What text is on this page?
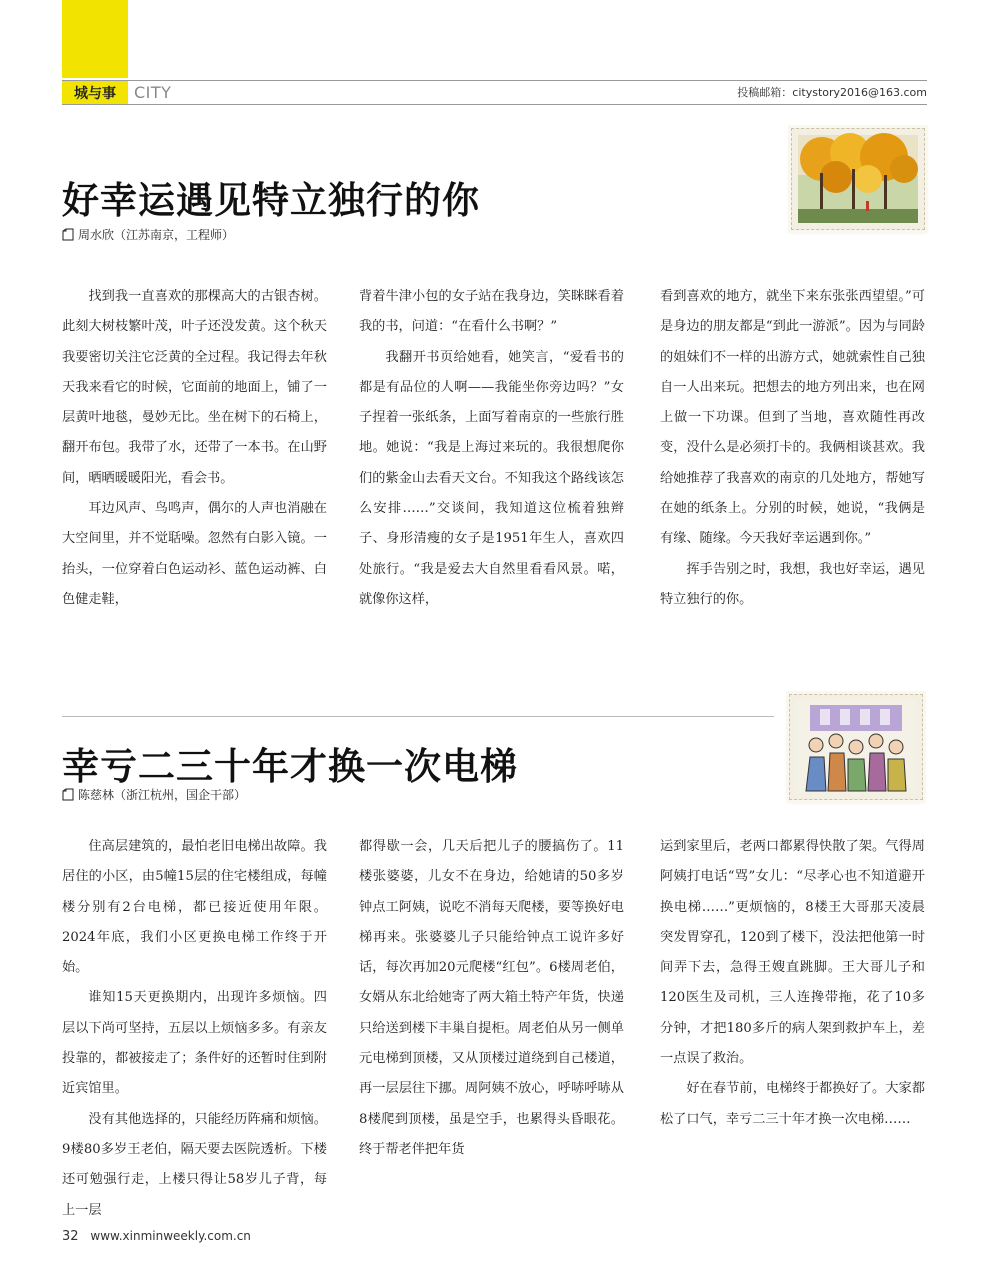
城与事	CITY	投稿邮箱：citystory2016@163.com
好幸运遇见特立独行的你
周水欣（江苏南京，工程师）

找到我一直喜欢的那棵高大的古银杏树。此刻大树枝繁叶茂，叶子还没发黄。这个秋天我要密切关注它泛黄的全过程。我记得去年秋天我来看它的时候，它面前的地面上，铺了一层黄叶地毯，曼妙无比。坐在树下的石椅上，翻开布包。我带了水，还带了一本书。在山野间，晒晒暖暖阳光，看会书。

耳边风声、鸟鸣声，偶尔的人声也消融在大空间里，并不觉聒噪。忽然有白影入镜。一抬头，一位穿着白色运动衫、蓝色运动裤、白色健走鞋，

背着牛津小包的女子站在我身边，笑眯眯看着我的书，问道：“在看什么书啊？”

我翻开书页给她看，她笑言，“爱看书的都是有品位的人啊——我能坐你旁边吗？”女子捏着一张纸条，上面写着南京的一些旅行胜地。她说：“我是上海过来玩的。我很想爬你们的紫金山去看天文台。不知我这个路线该怎么安排……”交谈间，我知道这位梳着独辫子、身形清瘦的女子是1951年生人，喜欢四处旅行。“我是爱去大自然里看看风景。喏，就像你这样，

看到喜欢的地方，就坐下来东张张西望望。”可是身边的朋友都是“到此一游派”。因为与同龄的姐妹们不一样的出游方式，她就索性自己独自一人出来玩。把想去的地方列出来，也在网上做一下功课。但到了当地，喜欢随性再改变，没什么是必须打卡的。我俩相谈甚欢。我给她推荐了我喜欢的南京的几处地方，帮她写在她的纸条上。分别的时候，她说，“我俩是有缘、随缘。今天我好幸运遇到你。”

挥手告别之时，我想，我也好幸运，遇见特立独行的你。

幸亏二三十年才换一次电梯
陈慈林（浙江杭州，国企干部）

住高层建筑的，最怕老旧电梯出故障。我居住的小区，由5幢15层的住宅楼组成，每幢楼分别有2台电梯，都已接近使用年限。2024年底，我们小区更换电梯工作终于开始。

谁知15天更换期内，出现许多烦恼。四层以下尚可坚持，五层以上烦恼多多。有亲友投靠的，都被接走了；条件好的还暂时住到附近宾馆里。

没有其他选择的，只能经历阵痛和烦恼。9楼80多岁王老伯，隔天要去医院透析。下楼还可勉强行走，上楼只得让58岁儿子背，每上一层

都得歇一会，几天后把儿子的腰搞伤了。11楼张婆婆，儿女不在身边，给她请的50多岁钟点工阿姨，说吃不消每天爬楼，要等换好电梯再来。张婆婆儿子只能给钟点工说许多好话，每次再加20元爬楼“红包”。6楼周老伯，女婿从东北给她寄了两大箱土特产年货，快递只给送到楼下丰巢自提柜。周老伯从另一侧单元电梯到顶楼，又从顶楼过道绕到自己楼道，再一层层往下挪。周阿姨不放心，呼哧呼哧从8楼爬到顶楼，虽是空手，也累得头昏眼花。终于帮老伴把年货

运到家里后，老两口都累得快散了架。气得周阿姨打电话“骂”女儿：“尽孝心也不知道避开换电梯……”更烦恼的，8楼王大哥那天凌晨突发胃穿孔，120到了楼下，没法把他第一时间弄下去，急得王嫂直跳脚。王大哥儿子和120医生及司机，三人连搀带拖，花了10多分钟，才把180多斤的病人架到救护车上，差一点误了救治。

好在春节前，电梯终于都换好了。大家都松了口气，幸亏二三十年才换一次电梯……

32 www.xinminweekly.com.cn
